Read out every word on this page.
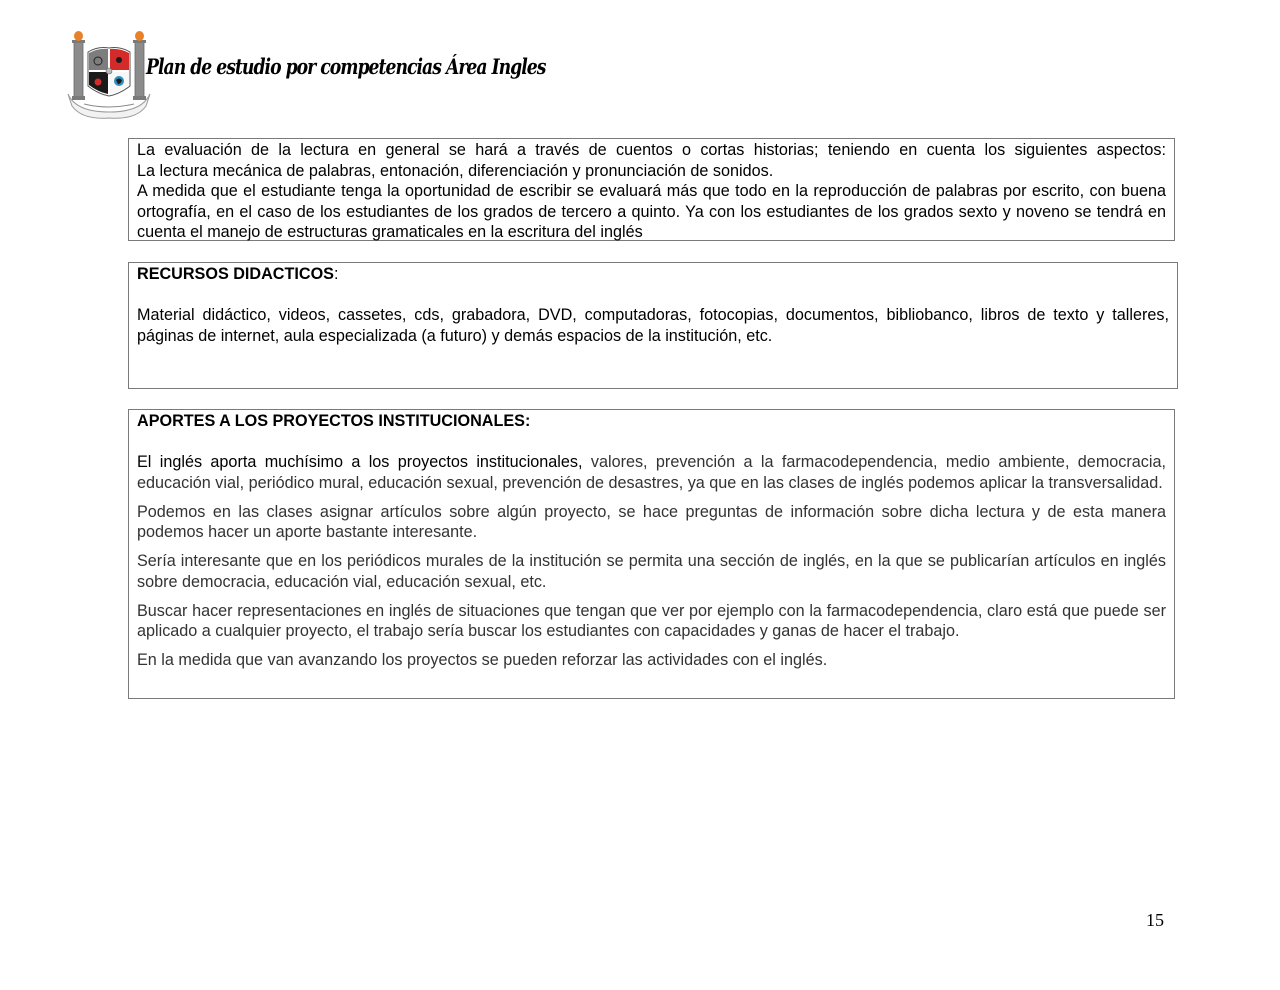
Plan de estudio por competencias Área Ingles

La evaluación de la lectura en general se hará a través de cuentos o cortas historias; teniendo en cuenta los siguientes aspectos:

La lectura mecánica de palabras, entonación, diferenciación y pronunciación de sonidos.

A medida que el estudiante tenga la oportunidad de escribir se evaluará más que todo en la reproducción de palabras por escrito, con buena ortografía, en el caso de los estudiantes de los grados de tercero a quinto. Ya con los estudiantes de los grados sexto y noveno se tendrá en cuenta el manejo de estructuras gramaticales en la escritura del inglés

RECURSOS DIDACTICOS:

Material didáctico, videos, cassetes, cds, grabadora, DVD, computadoras, fotocopias, documentos, bibliobanco, libros de texto y talleres, páginas de internet, aula especializada (a futuro) y demás espacios de la institución, etc.

APORTES A LOS PROYECTOS INSTITUCIONALES:

El inglés aporta muchísimo a los proyectos institucionales, valores, prevención a la farmacodependencia, medio ambiente, democracia, educación vial, periódico mural, educación sexual, prevención de desastres, ya que en las clases de inglés podemos aplicar la transversalidad.

Podemos en las clases asignar artículos sobre algún proyecto, se hace preguntas de información sobre dicha lectura y de esta manera podemos hacer un aporte bastante interesante.

Sería interesante que en los periódicos murales de la institución se permita una sección de inglés, en la que se publicarían artículos en inglés sobre democracia, educación vial, educación sexual, etc.

Buscar hacer representaciones en inglés de situaciones que tengan que ver por ejemplo con la farmacodependencia, claro está que puede ser aplicado a cualquier proyecto, el trabajo sería buscar los estudiantes con capacidades y ganas de hacer el trabajo.

En la medida que van avanzando los proyectos se pueden reforzar las actividades con el inglés.

15
